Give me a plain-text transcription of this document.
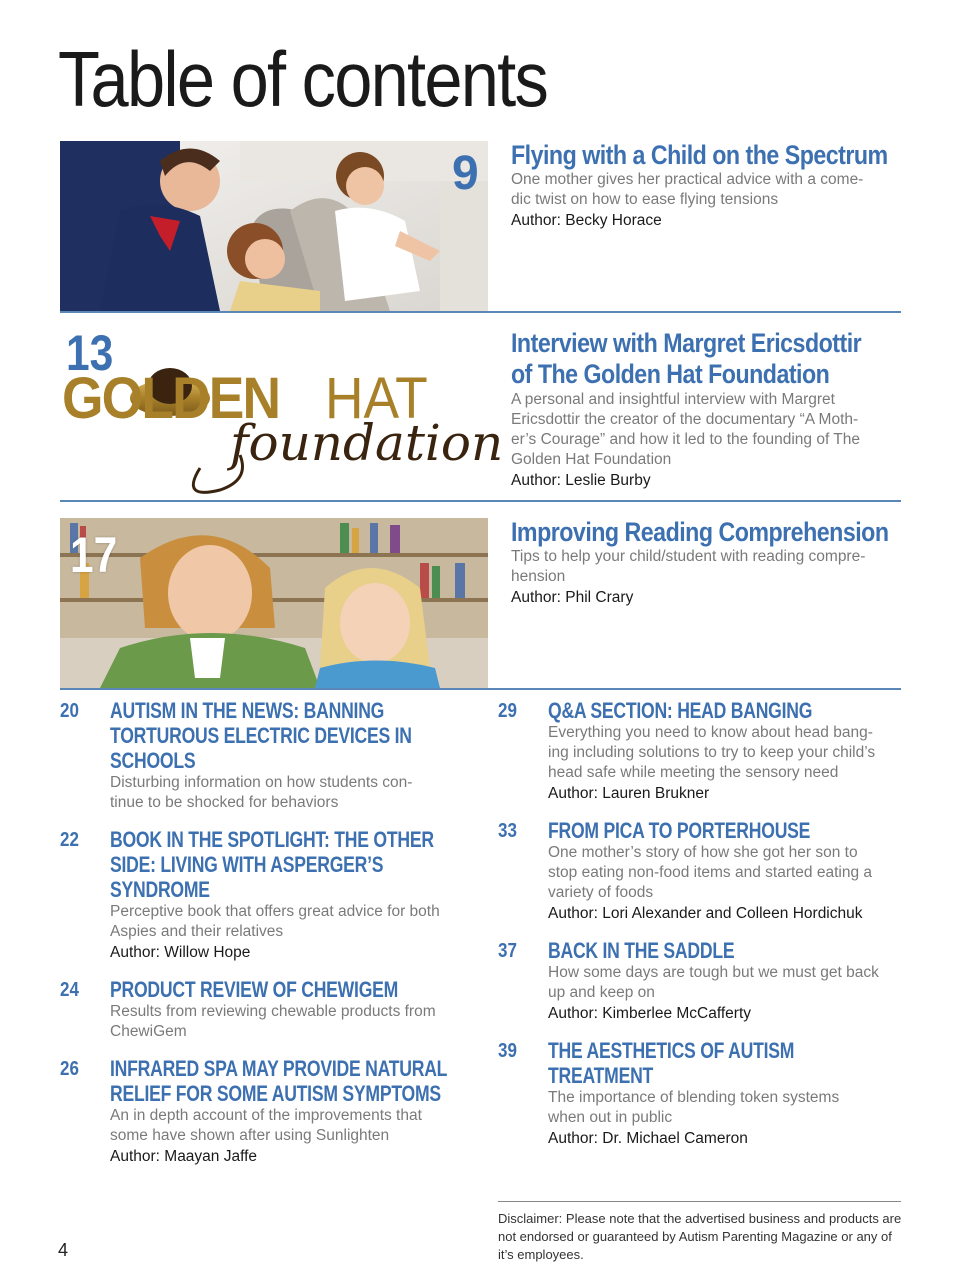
Table of contents
9 Flying with a Child on the Spectrum
One mother gives her practical advice with a come-
dic twist on how to ease flying tensions
Author: Becky Horace
13
GOLDEN HAT
foundation
Interview with Margret Ericsdottir
of The Golden Hat Foundation
A personal and insightful interview with Margret
Ericsdottir the creator of the documentary “A Moth-
er’s Courage” and how it led to the founding of The
Golden Hat Foundation
Author: Leslie Burby
17	Improving Reading Comprehension
Tips to help your child/student with reading compre-
hension
Author: Phil Crary
20 AUTISM IN THE NEWS: BANNING
TORTUROUS ELECTRIC DEVICES IN
SCHOOLS
Disturbing information on how students con-
tinue to be shocked for behaviors
22 BOOK IN THE SPOTLIGHT: THE OTHER
SIDE: LIVING WITH ASPERGER’S
SYNDROME
Perceptive book that offers great advice for both
Aspies and their relatives
Author: Willow Hope
24 PRODUCT REVIEW OF CHEWIGEM
Results from reviewing chewable products from
ChewiGem
26 INFRARED SPA MAY PROVIDE NATURAL
RELIEF FOR SOME AUTISM SYMPTOMS
An in depth account of the improvements that
some have shown after using Sunlighten
Author: Maayan Jaffe
29 Q&A SECTION: HEAD BANGING
Everything you need to know about head bang-
ing including solutions to try to keep your child’s
head safe while meeting the sensory need
Author: Lauren Brukner
33 FROM PICA TO PORTERHOUSE
One mother’s story of how she got her son to
stop eating non-food items and started eating a
variety of foods
Author: Lori Alexander and Colleen Hordichuk
37 BACK IN THE SADDLE
How some days are tough but we must get back
up and keep on
Author: Kimberlee McCafferty
39 THE AESTHETICS OF AUTISM
TREATMENT
The importance of blending token systems
when out in public
Author: Dr. Michael Cameron
Disclaimer: Please note that the advertised business and products are not endorsed or guaranteed by Autism Parenting Magazine or any of it’s employees.
4
